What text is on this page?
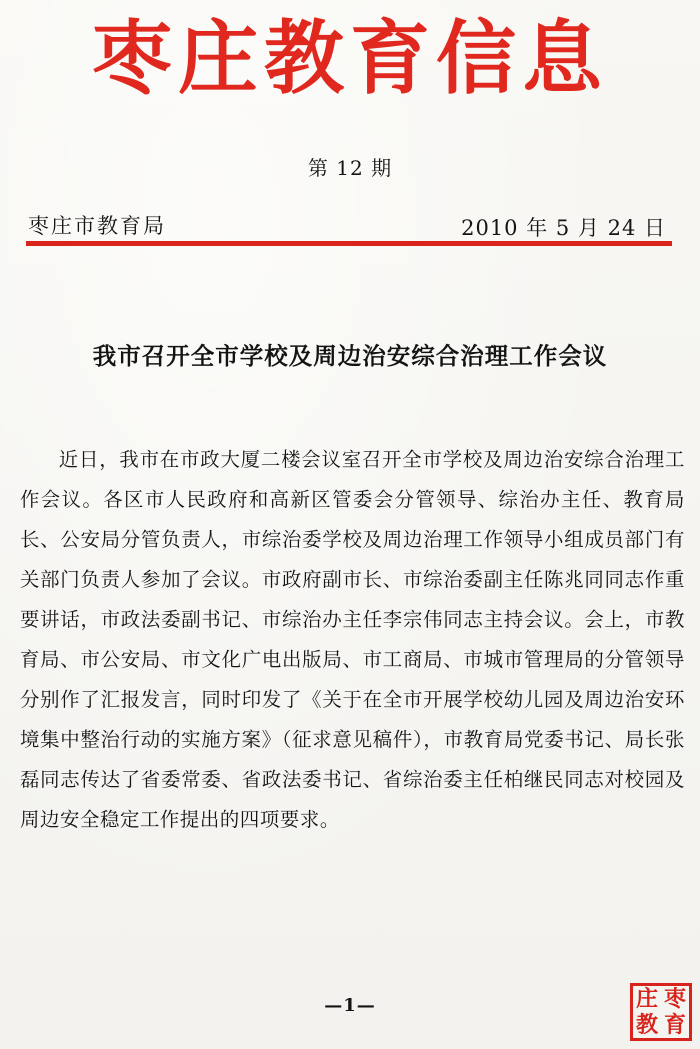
枣庄教育信息
第 12 期
枣庄市教育局	2010 年 5 月 24 日
我市召开全市学校及周边治安综合治理工作会议

近日，我市在市政大厦二楼会议室召开全市学校及周边治安综合治理工作会议。各区市人民政府和高新区管委会分管领导、综治办主任、教育局长、公安局分管负责人，市综治委学校及周边治理工作领导小组成员部门有关部门负责人参加了会议。市政府副市长、市综治委副主任陈兆同同志作重要讲话，市政法委副书记、市综治办主任李宗伟同志主持会议。会上，市教育局、市公安局、市文化广电出版局、市工商局、市城市管理局的分管领导分别作了汇报发言，同时印发了《关于在全市开展学校幼儿园及周边治安环境集中整治行动的实施方案》（征求意见稿件），市教育局党委书记、局长张磊同志传达了省委常委、省政法委书记、省综治委主任柏继民同志对校园及周边安全稳定工作提出的四项要求。

—1—	庄 枣
教 育
